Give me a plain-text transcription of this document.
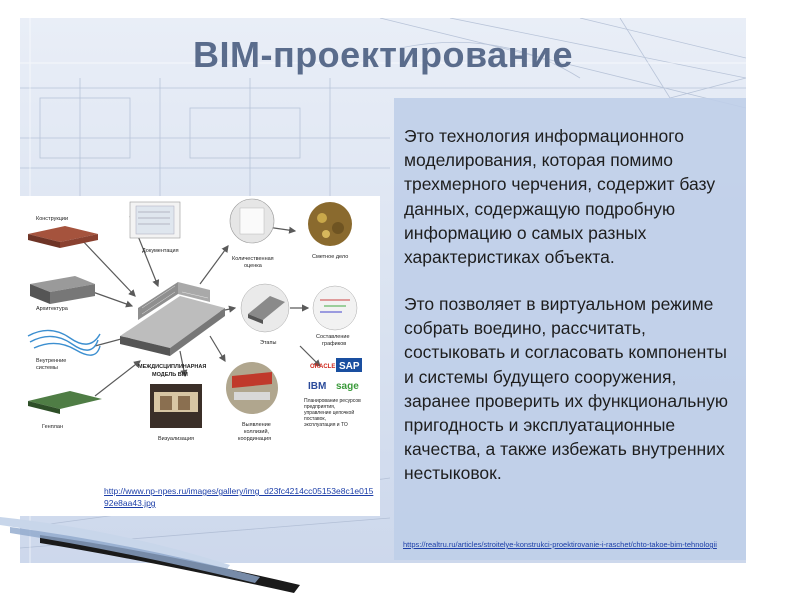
BIM-проектирование
Конструкции
Архитектура
Внутренние
системы
Генплан
Документация
Количественная
оценка
Сметное дело
МЕЖДИСЦИПЛИНАРНАЯ
МОДЕЛЬ BIM
Этапы
Составление
графиков
ORACLE SAP
IBM sage
Планирование ресурсов
предприятия,
управление цепочкой
поставок,
эксплуатация и ТО
Визуализация
Выявление
коллизий,
координация
http://www.np-npes.ru/images/gallery/img_d23fc4214cc05153e8c1e01592e8aa43.jpg

Это технология информационного моделирования, которая помимо трехмерного черчения, содержит базу данных, содержащую подробную информацию о самых разных характеристиках объекта.

Это позволяет в виртуальном режиме собрать воедино, рассчитать, состыковать и согласовать компоненты и системы будущего сооружения, заранее проверить их функциональную пригодность и эксплуатационные качества, а также избежать внутренних нестыковок.

https://realtru.ru/articles/stroitelye-konstrukci-proektirovanie-i-raschet/chto-takoe-bim-tehnologii
